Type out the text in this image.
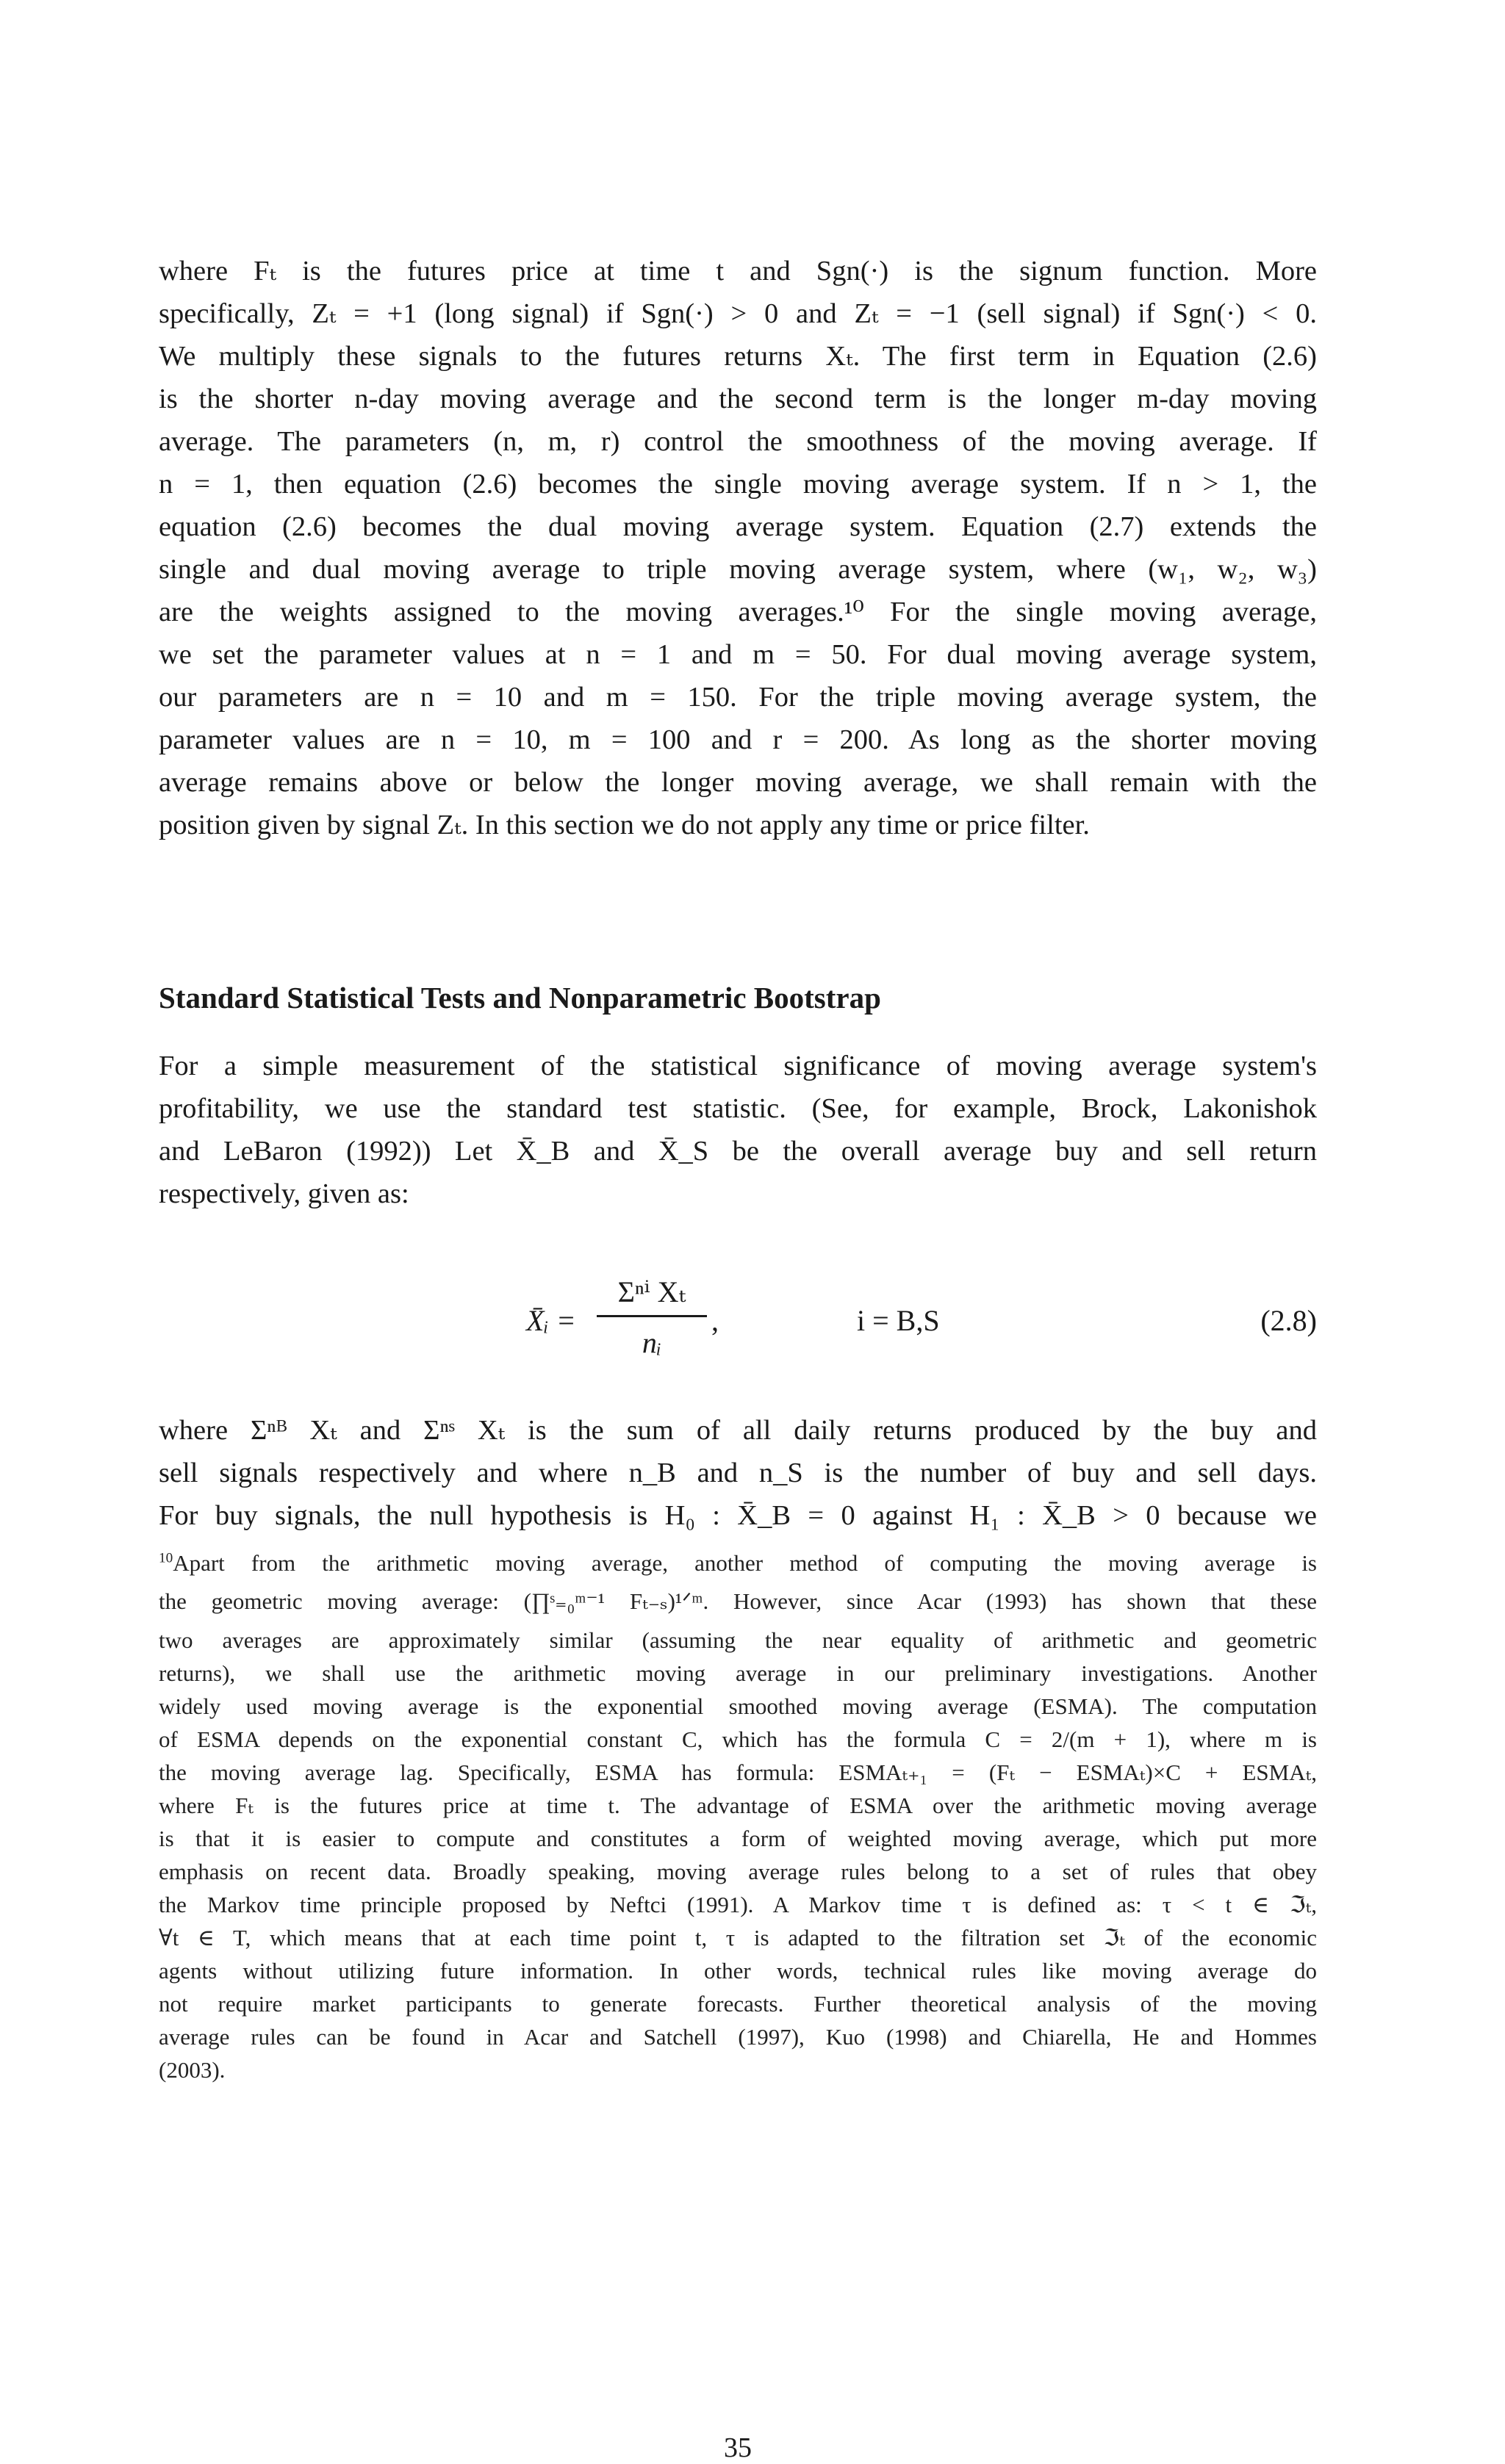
where Fₜ is the futures price at time t and Sgn(·) is the signum function. More
specifically, Zₜ = +1 (long signal) if Sgn(·) > 0 and Zₜ = −1 (sell signal) if Sgn(·) < 0.
We multiply these signals to the futures returns Xₜ. The first term in Equation (2.6)
is the shorter n-day moving average and the second term is the longer m-day moving
average. The parameters (n, m, r) control the smoothness of the moving average. If
n = 1, then equation (2.6) becomes the single moving average system. If n > 1, the
equation (2.6) becomes the dual moving average system. Equation (2.7) extends the
single and dual moving average to triple moving average system, where (w₁, w₂, w₃)
are the weights assigned to the moving averages.¹⁰ For the single moving average,
we set the parameter values at n = 1 and m = 50. For dual moving average system,
our parameters are n = 10 and m = 150. For the triple moving average system, the
parameter values are n = 10, m = 100 and r = 200. As long as the shorter moving
average remains above or below the longer moving average, we shall remain with the
position given by signal Zₜ. In this section we do not apply any time or price filter.
Standard Statistical Tests and Nonparametric Bootstrap
For a simple measurement of the statistical significance of moving average system's
profitability, we use the standard test statistic. (See, for example, Brock, Lakonishok
and LeBaron (1992)) Let X̄_B and X̄_S be the overall average buy and sell return
respectively, given as:
X̄ᵢ =
Σⁿⁱ Xₜ
nᵢ
,	i = B,S	(2.8)
where Σⁿᴮ Xₜ and Σⁿˢ Xₜ is the sum of all daily returns produced by the buy and
sell signals respectively and where n_B and n_S is the number of buy and sell days.
For buy signals, the null hypothesis is H₀ : X̄_B = 0 against H₁ : X̄_B > 0 because we
$^{10}$Apart from the arithmetic moving average, another method of computing the moving average is
the geometric moving average: (∏ˢ₌₀ᵐ⁻¹ Fₜ₋ₛ)¹ᐟᵐ. However, since Acar (1993) has shown that these
two averages are approximately similar (assuming the near equality of arithmetic and geometric
returns), we shall use the arithmetic moving average in our preliminary investigations. Another
widely used moving average is the exponential smoothed moving average (ESMA). The computation
of ESMA depends on the exponential constant C, which has the formula C = 2/(m + 1), where m is
the moving average lag. Specifically, ESMA has formula: ESMAₜ₊₁ = (Fₜ − ESMAₜ)×C + ESMAₜ,
where Fₜ is the futures price at time t. The advantage of ESMA over the arithmetic moving average
is that it is easier to compute and constitutes a form of weighted moving average, which put more
emphasis on recent data. Broadly speaking, moving average rules belong to a set of rules that obey
the Markov time principle proposed by Neftci (1991). A Markov time τ is defined as: τ < t ∈ ℑₜ,
∀t ∈ T, which means that at each time point t, τ is adapted to the filtration set ℑₜ of the economic
agents without utilizing future information. In other words, technical rules like moving average do
not require market participants to generate forecasts. Further theoretical analysis of the moving
average rules can be found in Acar and Satchell (1997), Kuo (1998) and Chiarella, He and Hommes
(2003).
35
